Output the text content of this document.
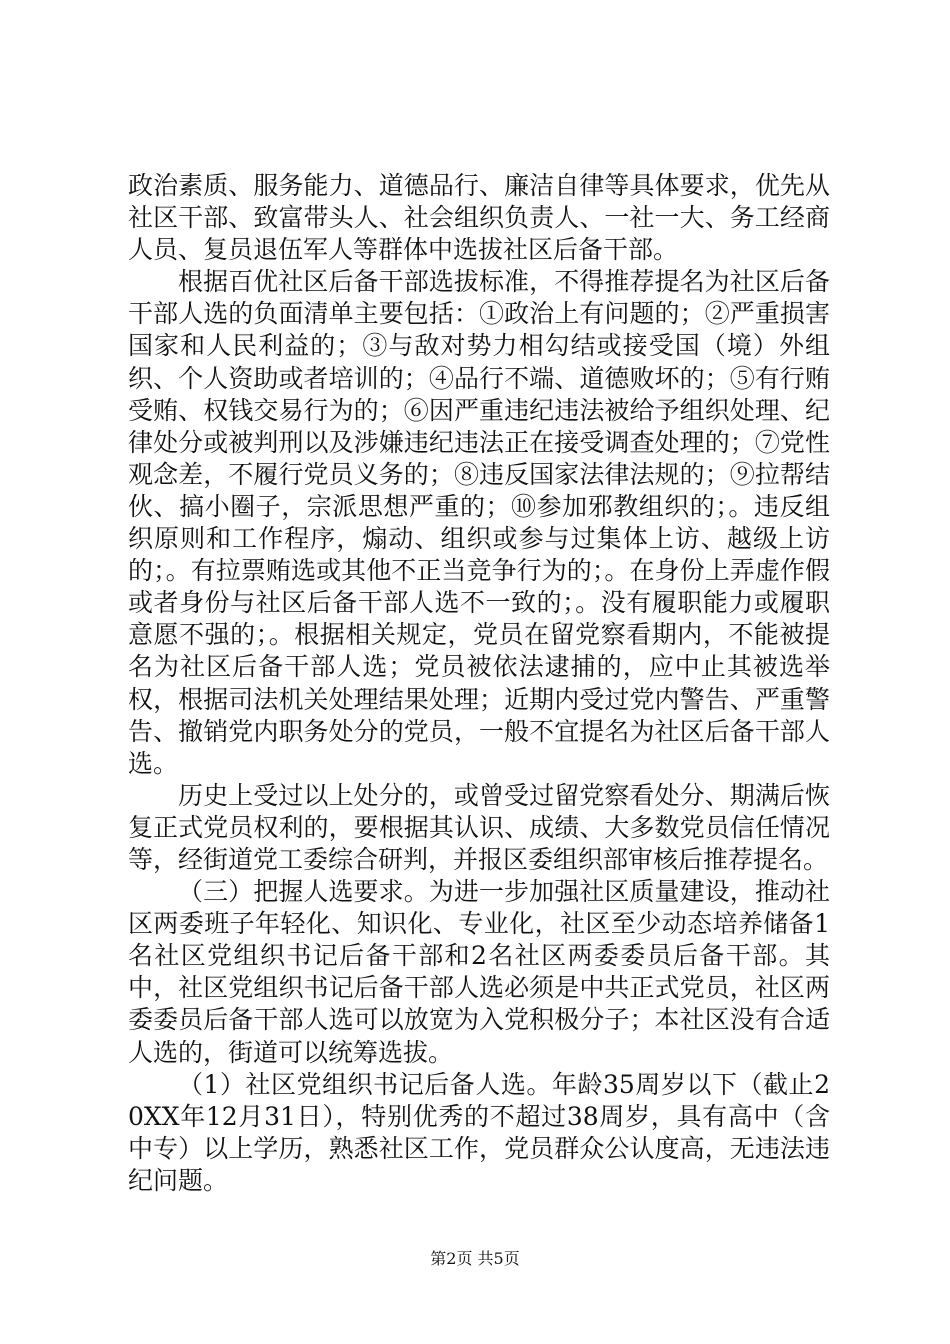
政治素质、服务能力、道德品行、廉洁自律等具体要求，优先从社区干部、致富带头人、社会组织负责人、一社一大、务工经商人员、复员退伍军人等群体中选拔社区后备干部。

根据百优社区后备干部选拔标准，不得推荐提名为社区后备干部人选的负面清单主要包括：①政治上有问题的；②严重损害国家和人民利益的；③与敌对势力相勾结或接受国（境）外组织、个人资助或者培训的；④品行不端、道德败坏的；⑤有行贿受贿、权钱交易行为的；⑥因严重违纪违法被给予组织处理、纪律处分或被判刑以及涉嫌违纪违法正在接受调查处理的；⑦党性观念差，不履行党员义务的；⑧违反国家法律法规的；⑨拉帮结伙、搞小圈子，宗派思想严重的；⑩参加邪教组织的；。违反组织原则和工作程序，煽动、组织或参与过集体上访、越级上访的；。有拉票贿选或其他不正当竞争行为的；。在身份上弄虚作假或者身份与社区后备干部人选不一致的；。没有履职能力或履职意愿不强的；。根据相关规定，党员在留党察看期内，不能被提名为社区后备干部人选；党员被依法逮捕的，应中止其被选举权，根据司法机关处理结果处理；近期内受过党内警告、严重警告、撤销党内职务处分的党员，一般不宜提名为社区后备干部人选。

历史上受过以上处分的，或曾受过留党察看处分、期满后恢复正式党员权利的，要根据其认识、成绩、大多数党员信任情况等，经街道党工委综合研判，并报区委组织部审核后推荐提名。

（三）把握人选要求。为进一步加强社区质量建设，推动社区两委班子年轻化、知识化、专业化，社区至少动态培养储备1名社区党组织书记后备干部和2名社区两委委员后备干部。其中，社区党组织书记后备干部人选必须是中共正式党员，社区两委委员后备干部人选可以放宽为入党积极分子；本社区没有合适人选的，街道可以统筹选拔。

（1）社区党组织书记后备人选。年龄35周岁以下（截止20XX年12月31日），特别优秀的不超过38周岁，具有高中（含中专）以上学历，熟悉社区工作，党员群众公认度高，无违法违纪问题。

第2页 共5页
